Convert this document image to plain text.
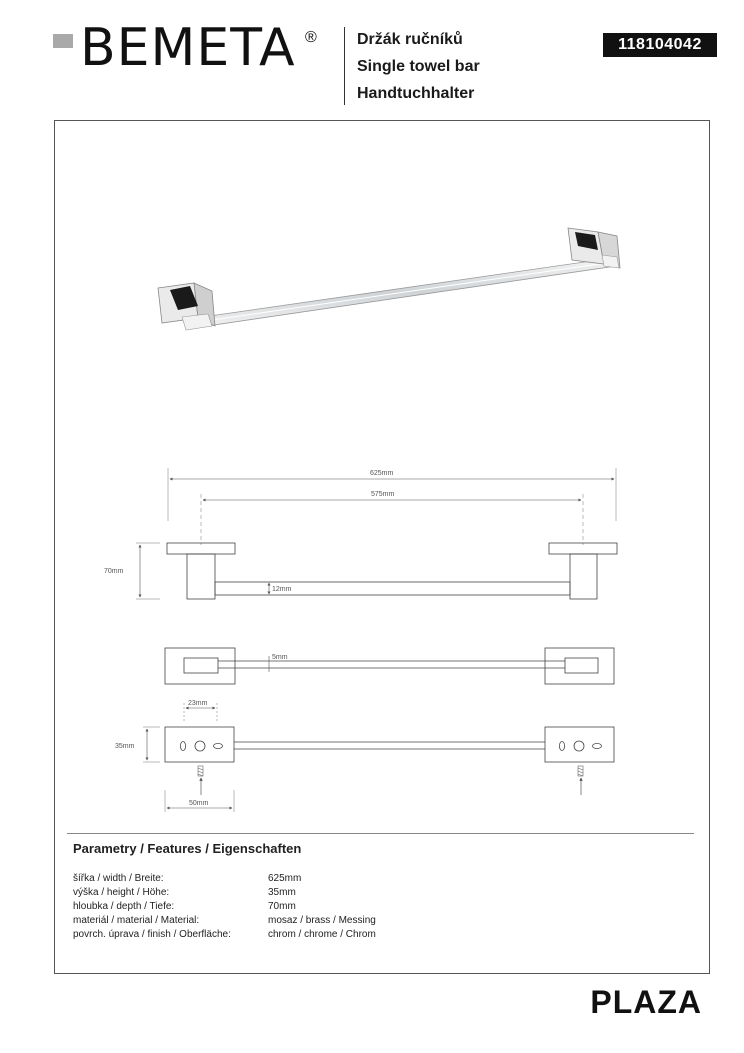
BEMETA ®	Držák ručníků
Single towel bar
Handtuchhalter
118104042
625mm
575mm
70mm
12mm
5mm
23mm
35mm
50mm
Parametry / Features / Eigenschaften
šířka / width / Breite:	625mm
výška / height / Höhe:	35mm
hloubka / depth / Tiefe:	70mm
materiál / material / Material:	mosaz / brass / Messing
povrch. úprava / finish / Oberfläche:	chrom / chrome / Chrom
PLAZA
